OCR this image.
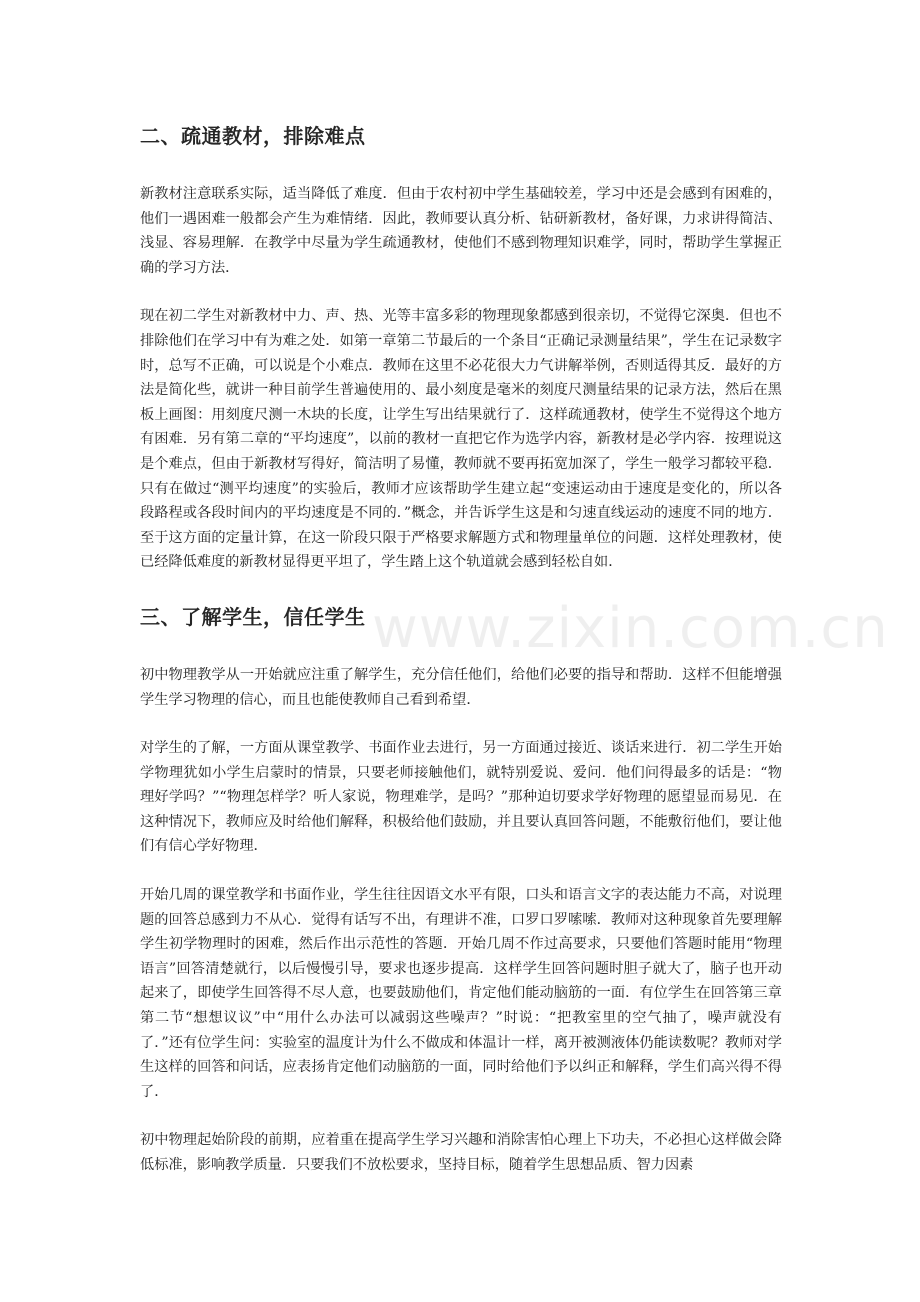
二、疏通教材，排除难点

新教材注意联系实际，适当降低了难度．但由于农村初中学生基础较差，学习中还是会感到有困难的，他们一遇困难一般都会产生为难情绪．因此，教师要认真分析、钻研新教材，备好课，力求讲得简洁、浅显、容易理解．在教学中尽量为学生疏通教材，使他们不感到物理知识难学，同时，帮助学生掌握正确的学习方法．

现在初二学生对新教材中力、声、热、光等丰富多彩的物理现象都感到很亲切，不觉得它深奥．但也不排除他们在学习中有为难之处．如第一章第二节最后的一个条目“正确记录测量结果”，学生在记录数字时，总写不正确，可以说是个小难点．教师在这里不必花很大力气讲解举例，否则适得其反．最好的方法是简化些，就讲一种目前学生普遍使用的、最小刻度是毫米的刻度尺测量结果的记录方法，然后在黑板上画图：用刻度尺测一木块的长度，让学生写出结果就行了．这样疏通教材，使学生不觉得这个地方有困难．另有第二章的“平均速度”，以前的教材一直把它作为选学内容，新教材是必学内容．按理说这是个难点，但由于新教材写得好，简洁明了易懂，教师就不要再拓宽加深了，学生一般学习都较平稳．只有在做过“测平均速度”的实验后，教师才应该帮助学生建立起“变速运动由于速度是变化的，所以各段路程或各段时间内的平均速度是不同的．”概念，并告诉学生这是和匀速直线运动的速度不同的地方．至于这方面的定量计算，在这一阶段只限于严格要求解题方式和物理量单位的问题．这样处理教材，使已经降低难度的新教材显得更平坦了，学生踏上这个轨道就会感到轻松自如．

三、了解学生，信任学生

初中物理教学从一开始就应注重了解学生，充分信任他们，给他们必要的指导和帮助．这样不但能增强学生学习物理的信心，而且也能使教师自己看到希望．

对学生的了解，一方面从课堂教学、书面作业去进行，另一方面通过接近、谈话来进行．初二学生开始学物理犹如小学生启蒙时的情景，只要老师接触他们，就特别爱说、爱问．他们问得最多的话是：“物理好学吗？”“物理怎样学？听人家说，物理难学，是吗？”那种迫切要求学好物理的愿望显而易见．在这种情况下，教师应及时给他们解释，积极给他们鼓励，并且要认真回答问题，不能敷衍他们，要让他们有信心学好物理．

开始几周的课堂教学和书面作业，学生往往因语文水平有限，口头和语言文字的表达能力不高，对说理题的回答总感到力不从心．觉得有话写不出，有理讲不准，口罗口罗嗦嗦．教师对这种现象首先要理解学生初学物理时的困难，然后作出示范性的答题．开始几周不作过高要求，只要他们答题时能用“物理语言”回答清楚就行，以后慢慢引导，要求也逐步提高．这样学生回答问题时胆子就大了，脑子也开动起来了，即使学生回答得不尽人意，也要鼓励他们，肯定他们能动脑筋的一面．有位学生在回答第三章第二节“想想议议”中“用什么办法可以减弱这些噪声？”时说：“把教室里的空气抽了，噪声就没有了．”还有位学生问：实验室的温度计为什么不做成和体温计一样，离开被测液体仍能读数呢？教师对学生这样的回答和问话，应表扬肯定他们动脑筋的一面，同时给他们予以纠正和解释，学生们高兴得不得了．

初中物理起始阶段的前期，应着重在提高学生学习兴趣和消除害怕心理上下功夫，不必担心这样做会降低标准，影响教学质量．只要我们不放松要求，坚持目标，随着学生思想品质、智力因素

www.zixin.com.cn
